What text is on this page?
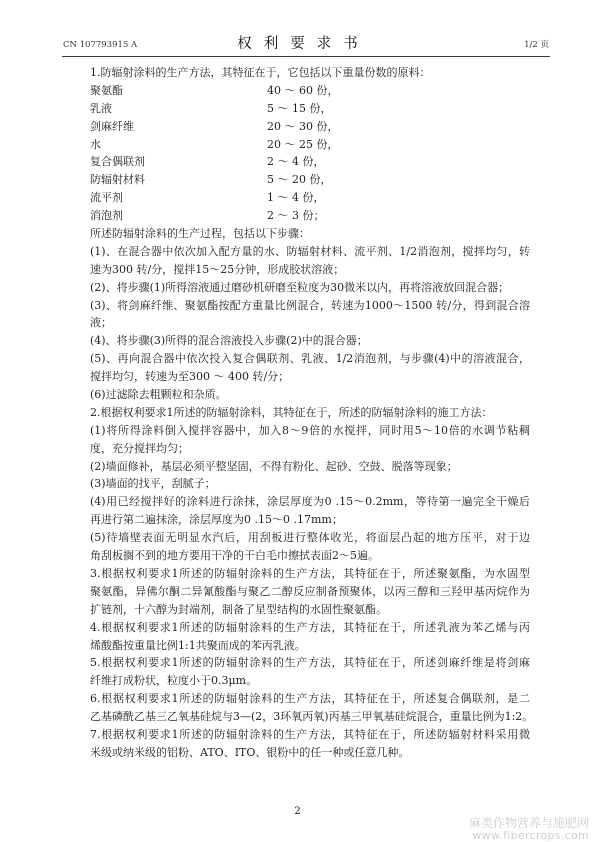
CN 107793915 A	权利要求书	1/2 页
1.防辐射涂料的生产方法，其特征在于，它包括以下重量份数的原料：
聚氨酯	40 ～ 60 份，
乳液	5 ～ 15 份，
剑麻纤维	20 ～ 30 份，
水	20 ～ 25 份，
复合偶联剂	2 ～ 4 份，
防辐射材料	5 ～ 20 份，
流平剂	1 ～ 4 份，
消泡剂	2 ～ 3 份；
所述防辐射涂料的生产过程，包括以下步骤：
(1)、在混合器中依次加入配方量的水、防辐射材料、流平剂、1/2消泡剂，搅拌均匀，转
速为300 转/分，搅拌15～25分钟，形成胶状溶液；
(2)、将步骤(1)所得溶液通过磨砂机研磨至粒度为30微米以内，再将溶液放回混合器；
(3)、将剑麻纤维、聚氨酯按配方重量比例混合，转速为1000～1500 转/分，得到混合溶
液；
(4)、将步骤(3)所得的混合溶液投入步骤(2)中的混合器；
(5)、再向混合器中依次投入复合偶联剂、乳液、1/2消泡剂，与步骤(4)中的溶液混合，
搅拌均匀，转速为至300 ～ 400 转/分；
(6)过滤除去粗颗粒和杂质。
2.根据权利要求1所述的防辐射涂料，其特征在于，所述的防辐射涂料的施工方法：
(1)将所得涂料倒入搅拌容器中，加入8～9倍的水搅拌，同时用5～10倍的水调节粘稠
度，充分搅拌均匀；
(2)墙面修补，基层必须平整坚固，不得有粉化、起砂、空鼓、脱落等现象；
(3)墙面的找平，刮腻子；
(4)用已经搅拌好的涂料进行涂抹，涂层厚度为0 .15～0.2mm，等待第一遍完全干燥后
再进行第二遍抹涂，涂层厚度为0 .15～0 .17mm；
(5)待墙壁表面无明显水汽后，用刮板进行整体收光，将面层凸起的地方压平，对于边
角刮板搁不到的地方要用干净的干白毛巾擦拭表面2～5遍。
3.根据权利要求1所述的防辐射涂料的生产方法，其特征在于，所述聚氨酯，为水固型
聚氨酯，异佛尔酮二异氰酸酯与聚乙二醇反应制备预聚体，以丙三醇和三羟甲基丙烷作为
扩链剂，十六醇为封端剂，制备了星型结构的水固性聚氨酯。
4.根据权利要求1所述的防辐射涂料的生产方法，其特征在于，所述乳液为苯乙烯与丙
烯酸酯按重量比例1:1共聚而成的苯丙乳液。
5.根据权利要求1所述的防辐射涂料的生产方法，其特征在于，所述剑麻纤维是将剑麻
纤维打成粉状，粒度小于0.3μm。
6.根据权利要求1所述的防辐射涂料的生产方法，其特征在于，所述复合偶联剂，是二
乙基磷酰乙基三乙氧基硅烷与3—(2，3环氧丙氧)丙基三甲氧基硅烷混合，重量比例为1:2。
7.根据权利要求1所述的防辐射涂料的生产方法，其特征在于，所述防辐射材料采用微
米级或纳米级的铝粉、ATO、ITO、银粉中的任一种或任意几种。
2
麻类作物营养与施肥网
www.fibercrops.com
